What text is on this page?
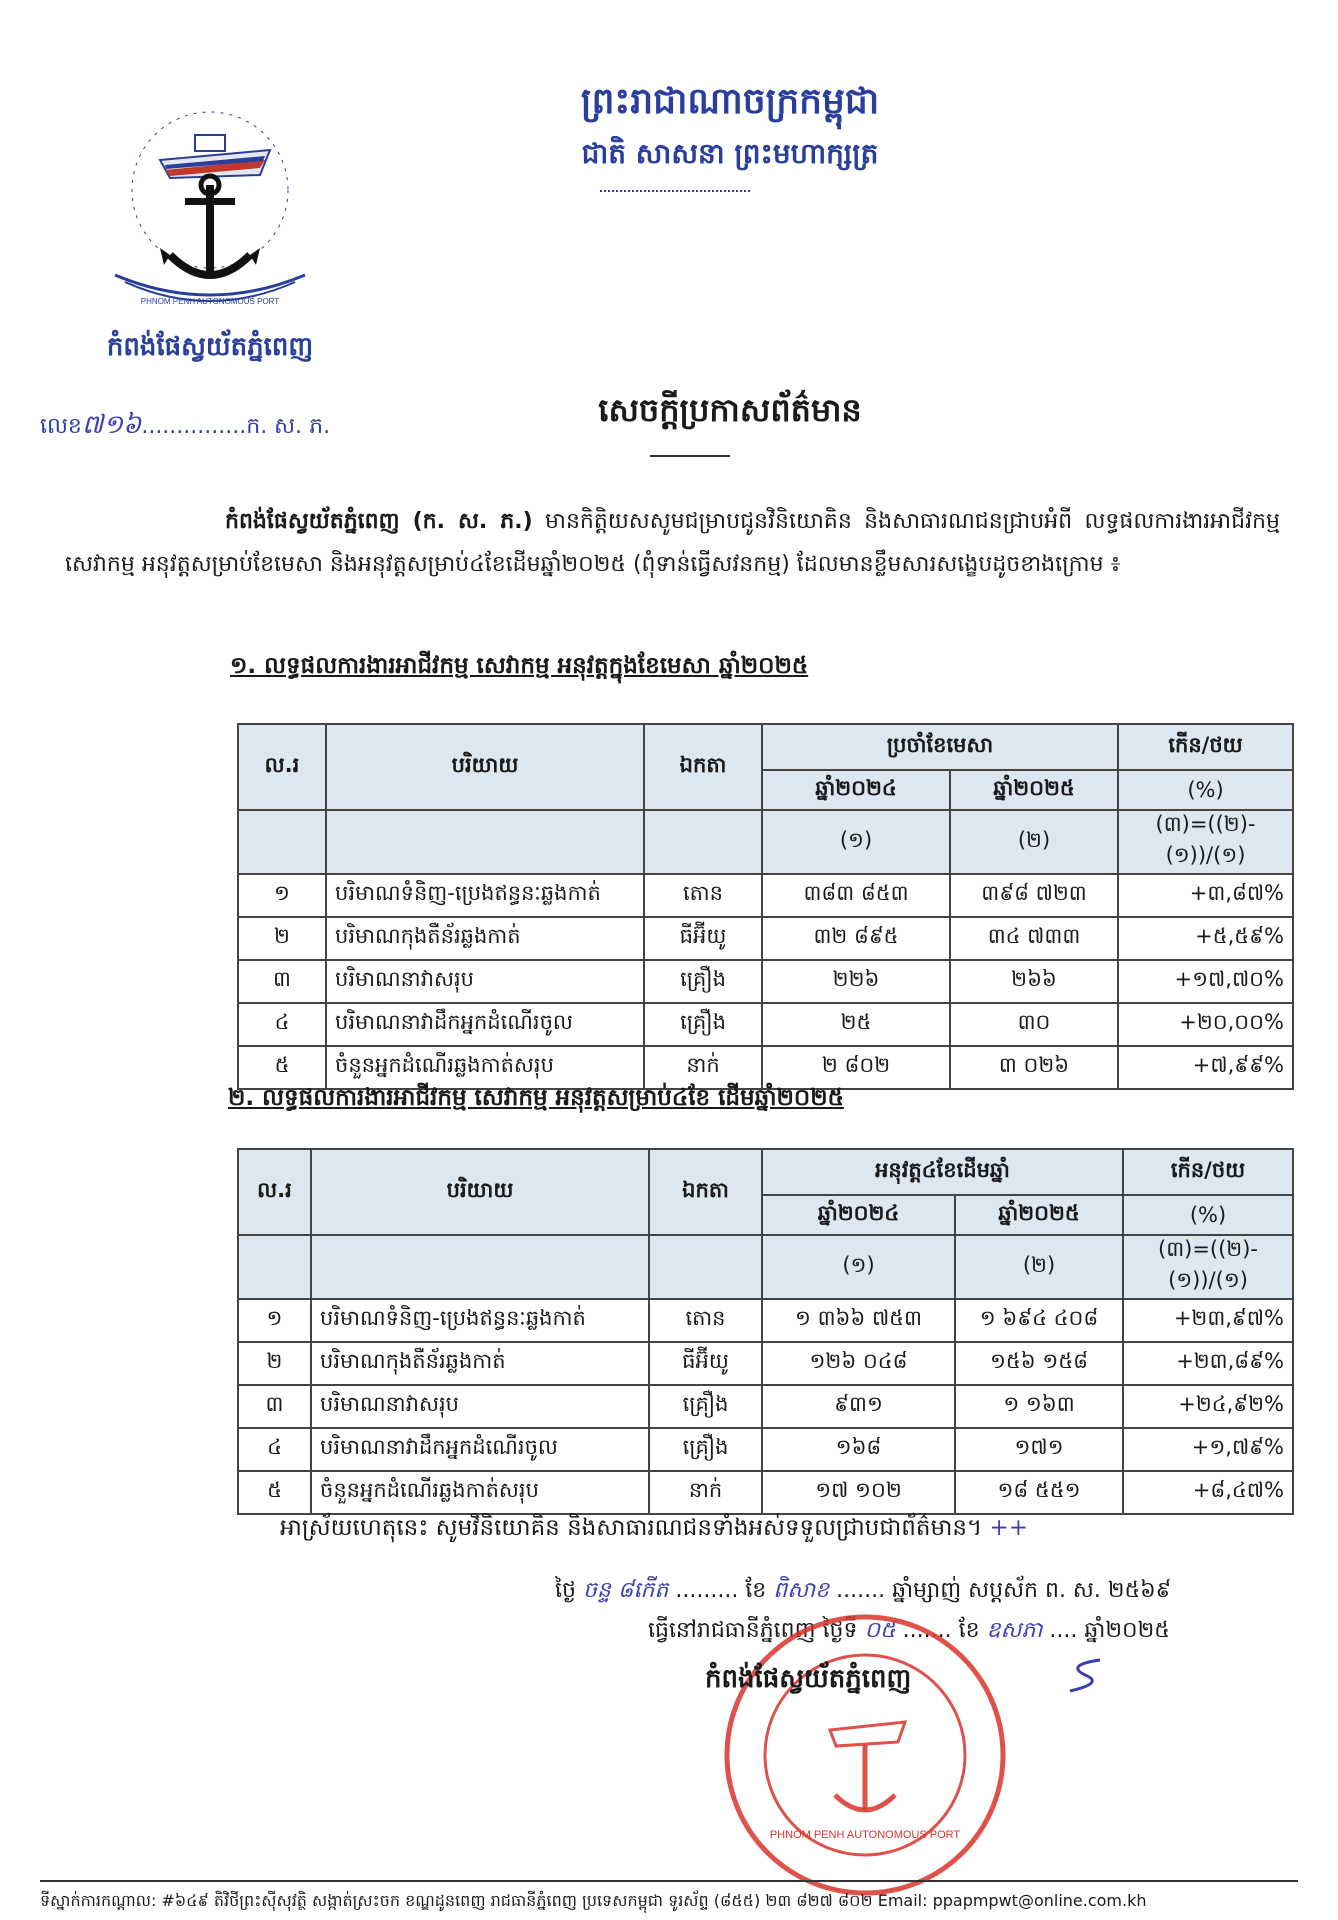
ព្រះរាជាណាចក្រកម្ពុជា
ជាតិ សាសនា ព្រះមហាក្សត្រ
PHNOM PENH AUTONOMOUS PORT
កំពង់ផែស្វយ័តភ្នំពេញ
លេខ៧១៦...............ក. ស. ភ.	សេចក្តីប្រកាសព័ត៌មាន
កំពង់ផែស្វយ័តភ្នំពេញ (ក. ស. ភ.) មានកិត្តិយសសូមជម្រាបជូនវិនិយោគិន និងសាធារណជនជ្រាបអំពី លទ្ធផលការងារអាជីវកម្ម សេវាកម្ម អនុវត្តសម្រាប់ខែមេសា និងអនុវត្តសម្រាប់៤ខែដើមឆ្នាំ២០២៥ (ពុំទាន់ធ្វើសវនកម្ម) ដែលមានខ្លឹមសារសង្ខេបដូចខាងក្រោម ៖
១. លទ្ធផលការងារអាជីវកម្ម សេវាកម្ម អនុវត្តក្នុងខែមេសា ឆ្នាំ២០២៥
ល.រ	បរិយាយ	ឯកតា	ប្រចាំខែមេសា		កើន/ថយ
			ឆ្នាំ២០២៤	ឆ្នាំ២០២៥	(%)
			(១)	(២)	(៣)=((២)-(១))/(១)
១	បរិមាណទំនិញ-ប្រេងឥន្ធនៈឆ្លងកាត់	តោន	៣៨៣ ៨៥៣	៣៩៨ ៧២៣	+៣,៨៧%
២	បរិមាណកុងតឺន័រឆ្លងកាត់	ធីអ៊ីយូ	៣២ ៨៩៥	៣៤ ៧៣៣	+៥,៥៩%
៣	បរិមាណនាវាសរុប	គ្រឿង	២២៦	២៦៦	+១៧,៧០%
៤	បរិមាណនាវាដឹកអ្នកដំណើរចូល	គ្រឿង	២៥	៣០	+២០,០០%
៥	ចំនួនអ្នកដំណើរឆ្លងកាត់សរុប	នាក់	២ ៨០២	៣ ០២៦	+៧,៩៩%
២. លទ្ធផលការងារអាជីវកម្ម សេវាកម្ម អនុវត្តសម្រាប់៤ខែ ដើមឆ្នាំ២០២៥
ល.រ	បរិយាយ	ឯកតា	អនុវត្ត៤ខែដើមឆ្នាំ		កើន/ថយ
			ឆ្នាំ២០២៤	ឆ្នាំ២០២៥	(%)
			(១)	(២)	(៣)=((២)-(១))/(១)
១	បរិមាណទំនិញ-ប្រេងឥន្ធនៈឆ្លងកាត់	តោន	១ ៣៦៦ ៧៥៣	១ ៦៩៤ ៤០៨	+២៣,៩៧%
២	បរិមាណកុងតឺន័រឆ្លងកាត់	ធីអ៊ីយូ	១២៦ ០៤៨	១៥៦ ១៥៨	+២៣,៨៩%
៣	បរិមាណនាវាសរុប	គ្រឿង	៩៣១	១ ១៦៣	+២៤,៩២%
៤	បរិមាណនាវាដឹកអ្នកដំណើរចូល	គ្រឿង	១៦៨	១៧១	+១,៧៩%
៥	ចំនួនអ្នកដំណើរឆ្លងកាត់សរុប	នាក់	១៧ ១០២	១៨ ៥៥១	+៨,៤៧%
អាស្រ័យហេតុនេះ សូមវិនិយោគិន និងសាធារណជនទាំងអស់ទទួលជ្រាបជាព័ត៌មាន។ ++
ថ្ងៃ ចន្ទ ៨កើត ......... ខែ ពិសាខ ....... ឆ្នាំម្សាញ់ សប្តស័ក ព. ស. ២៥៦៩
ធ្វើនៅរាជធានីភ្នំពេញ ថ្ងៃទី ០៥ ....... ខែ ឧសភា .... ឆ្នាំ២០២៥
PHNOM PENH AUTONOMOUS PORT
កំពង់ផែស្វយ័តភ្នំពេញ
ទីស្នាក់ការកណ្តាល: #៦៤៩ តិវិថីព្រះស៊ីសុវត្ថិ សង្កាត់ស្រះចក ខណ្ឌដូនពេញ រាជធានីភ្នំពេញ ប្រទេសកម្ពុជា ទូរស័ព្ទ (៨៥៥) ២៣ ៨២៧ ៨០២ Email: ppapmpwt@online.com.kh
